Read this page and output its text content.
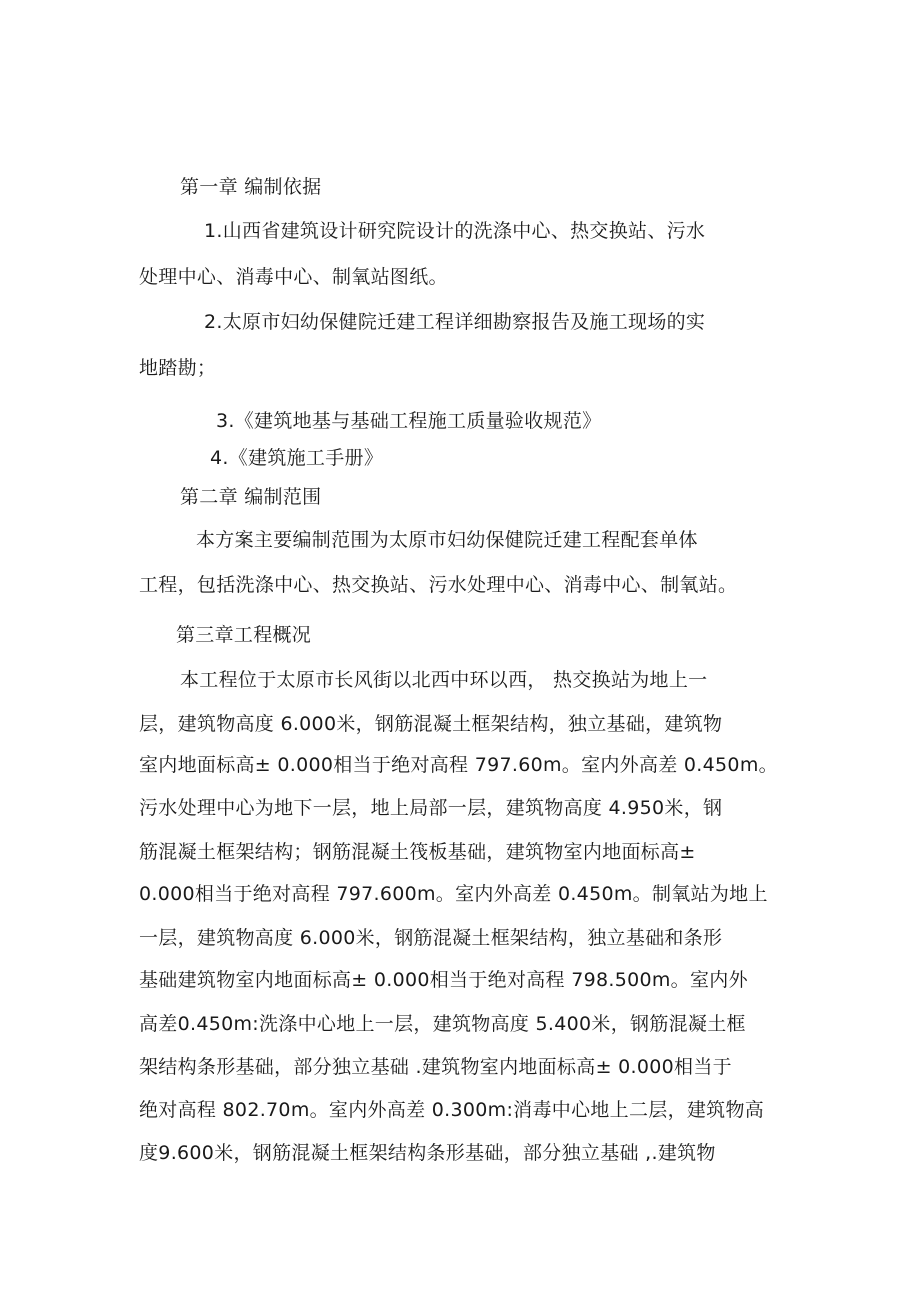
第一章 编制依据
1.山西省建筑设计研究院设计的洗涤中心、热交换站、污水
处理中心、消毒中心、制氧站图纸。
2.太原市妇幼保健院迁建工程详细勘察报告及施工现场的实
地踏勘；
3.《建筑地基与基础工程施工质量验收规范》
4.《建筑施工手册》
第二章 编制范围
本方案主要编制范围为太原市妇幼保健院迁建工程配套单体
工程，包括洗涤中心、热交换站、污水处理中心、消毒中心、制氧站。
第三章工程概况
本工程位于太原市长风街以北西中环以西， 热交换站为地上一
层，建筑物高度 6.000米，钢筋混凝土框架结构，独立基础，建筑物
室内地面标高± 0.000相当于绝对高程 797.60m。室内外高差 0.450m。
污水处理中心为地下一层，地上局部一层，建筑物高度 4.950米，钢
筋混凝土框架结构；钢筋混凝土筏板基础，建筑物室内地面标高±
0.000相当于绝对高程 797.600m。室内外高差 0.450m。制氧站为地上
一层，建筑物高度 6.000米，钢筋混凝土框架结构，独立基础和条形
基础建筑物室内地面标高± 0.000相当于绝对高程 798.500m。室内外
高差0.450m:洗涤中心地上一层，建筑物高度 5.400米，钢筋混凝土框
架结构条形基础，部分独立基础 .建筑物室内地面标高± 0.000相当于
绝对高程 802.70m。室内外高差 0.300m:消毒中心地上二层，建筑物高
度9.600米，钢筋混凝土框架结构条形基础，部分独立基础 ,.建筑物
